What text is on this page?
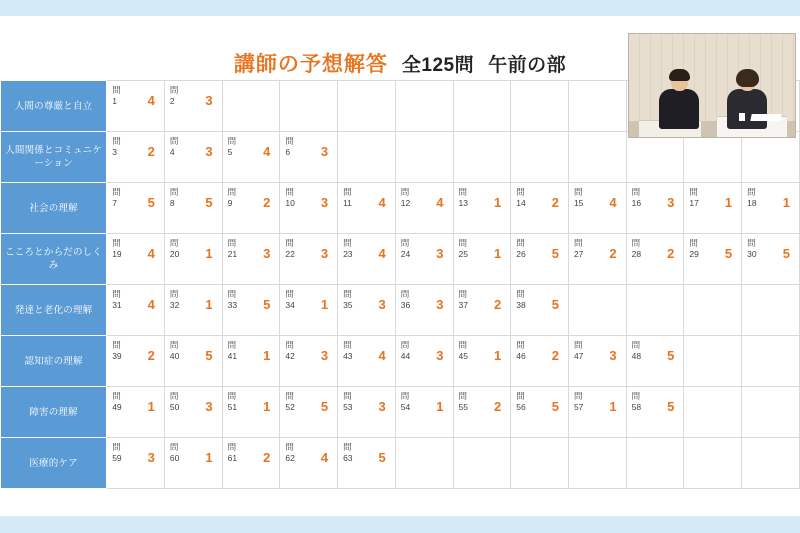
講師の予想解答 全125問 午前の部
人間の尊厳と自立	問
1 4	問
2 3										

人間関係とコミュニケーション	問
3 2	問
4 3	問
5 4	問
6 3								

社会の理解	問
7 5	問
8 5	問
9 2	問
10 3	問
11 4	問
12 4	問
13 1	問
14 2	問
15 4	問
16 3	問
17 1	問
18 1

こころとからだのしくみ	問
19 4	問
20 1	問
21 3	問
22 3	問
23 4	問
24 3	問
25 1	問
26 5	問
27 2	問
28 2	問
29 5	問
30 5

発達と老化の理解	問
31 4	問
32 1	問
33 5	問
34 1	問
35 3	問
36 3	問
37 2	問
38 5				

認知症の理解	問
39 2	問
40 5	問
41 1	問
42 3	問
43 4	問
44 3	問
45 1	問
46 2	問
47 3	問
48 5		

障害の理解	問
49 1	問
50 3	問
51 1	問
52 5	問
53 3	問
54 1	問
55 2	問
56 5	問
57 1	問
58 5		

医療的ケア	問
59 3	問
60 1	問
61 2	問
62 4	問
63 5							
